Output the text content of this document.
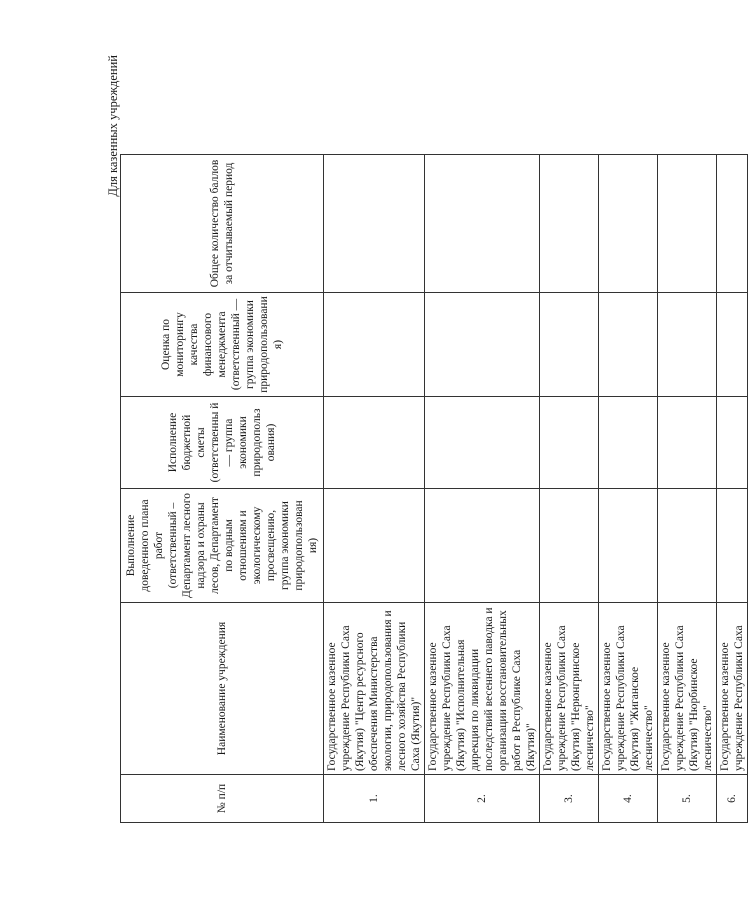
Для казенных учреждений
№ п/п	Наименование учреждения	Выполнение доведенного плана работ (ответственный – Департамент лесного надзора и охраны лесов, Департамент по водным отношениям и экологическому просвещению, группа экономики природопользован ия)	Исполнение бюджетной сметы (ответственны й — группа экономики природопольз ования)	Оценка по мониторингу качества финансового менеджмента (ответственный — группа экономики природопользовани я)	Общее количество баллов за отчитываемый период
1.	Государственное казенное учреждение Республики Саха (Якутия) "Центр ресурсного обеспечения Министерства экологии, природопользования и лесного хозяйства Республики Саха (Якутия)"				
2.	Государственное казенное учреждение Республики Саха (Якутия) "Исполнительная дирекция по ликвидации последствий весеннего паводка и организации восстановительных работ в Республике Саха (Якутия)"				
3.	Государственное казенное учреждение Республики Саха (Якутия) "Нерюнгринское лесничество"				
4.	Государственное казенное учреждение Республики Саха (Якутия) "Жиганское лесничество"				
5.	Государственное казенное учреждение Республики Саха (Якутия) "Нюрбинское лесничество"				
6.	Государственное казенное учреждение Республики Саха				
